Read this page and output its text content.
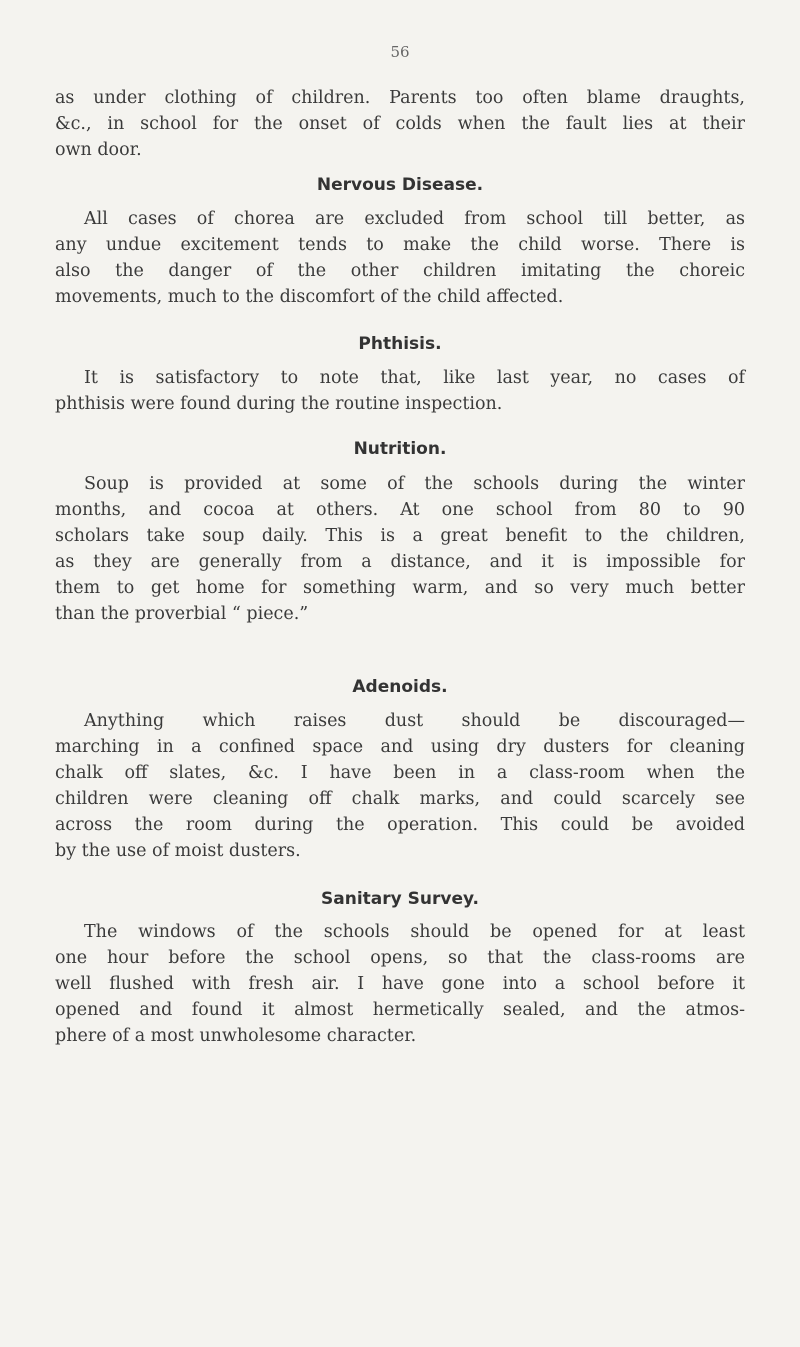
56
as under clothing of children. Parents too often blame draughts,
&c., in school for the onset of colds when the fault lies at their
own door.
Nervous Disease.
All cases of chorea are excluded from school till better, as
any undue excitement tends to make the child worse. There is
also the danger of the other children imitating the choreic
movements, much to the discomfort of the child affected.
Phthisis.
It is satisfactory to note that, like last year, no cases of
phthisis were found during the routine inspection.
Nutrition.
Soup is provided at some of the schools during the winter
months, and cocoa at others. At one school from 80 to 90
scholars take soup daily. This is a great benefit to the children,
as they are generally from a distance, and it is impossible for
them to get home for something warm, and so very much better
than the proverbial “ piece.”
Adenoids.
Anything which raises dust should be discouraged—
marching in a confined space and using dry dusters for cleaning
chalk off slates, &c. I have been in a class-room when the
children were cleaning off chalk marks, and could scarcely see
across the room during the operation. This could be avoided
by the use of moist dusters.
Sanitary Survey.
The windows of the schools should be opened for at least
one hour before the school opens, so that the class-rooms are
well flushed with fresh air. I have gone into a school before it
opened and found it almost hermetically sealed, and the atmos-
phere of a most unwholesome character.
